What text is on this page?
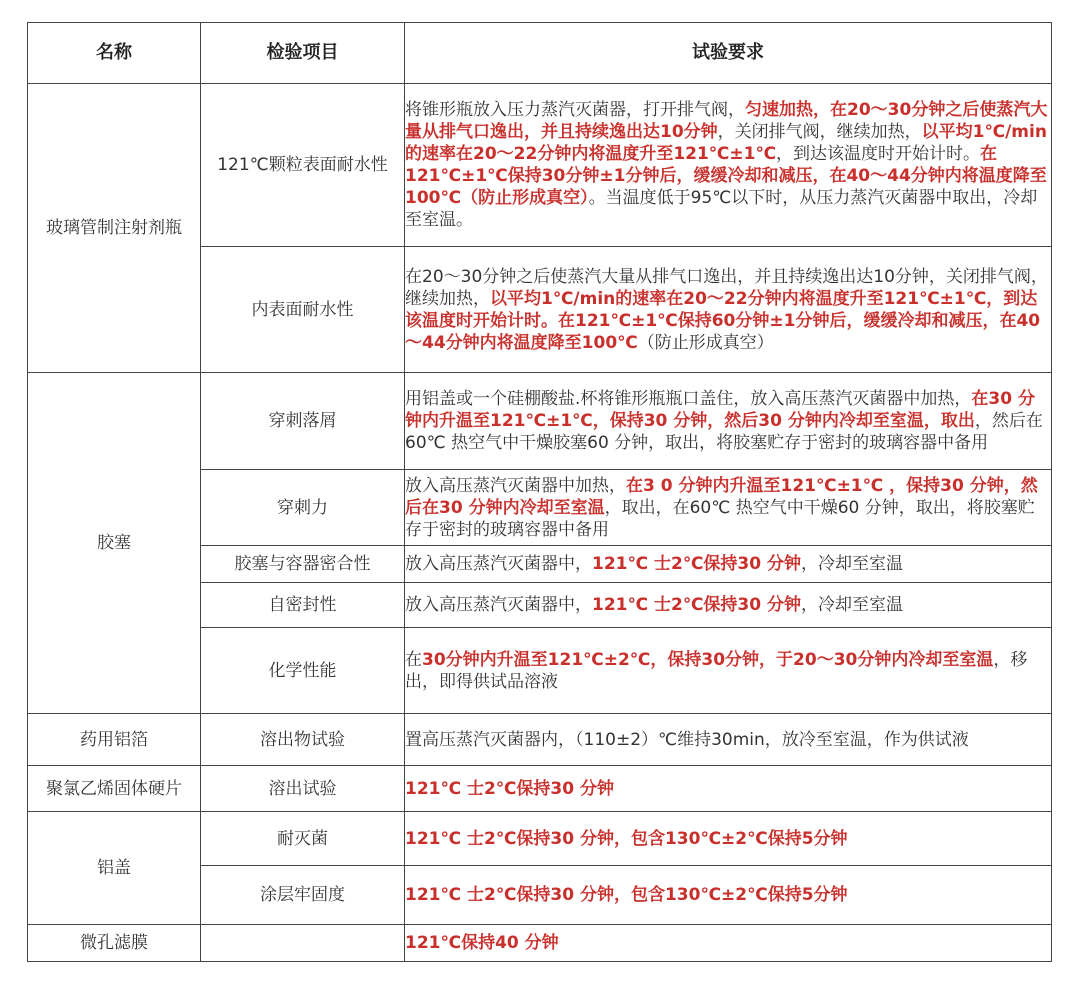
名称	检验项目	试验要求
玻璃管制注射剂瓶	121℃颗粒表面耐水性	将锥形瓶放入压力蒸汽灭菌器，打开排气阀，匀速加热，在20～30分钟之后使蒸汽大量从排气口逸出，并且持续逸出达10分钟，关闭排气阀，继续加热，以平均1℃/min的速率在20～22分钟内将温度升至121℃±1℃，到达该温度时开始计时。在121℃±1℃保持30分钟±1分钟后，缓缓冷却和减压，在40～44分钟内将温度降至100℃（防止形成真空）。当温度低于95℃以下时，从压力蒸汽灭菌器中取出，冷却至室温。
	内表面耐水性	在20～30分钟之后使蒸汽大量从排气口逸出，并且持续逸出达10分钟，关闭排气阀，继续加热，以平均1℃/min的速率在20～22分钟内将温度升至121℃±1℃，到达该温度时开始计时。在121℃±1℃保持60分钟±1分钟后，缓缓冷却和减压，在40～44分钟内将温度降至100℃（防止形成真空）
胶塞	穿刺落屑	用铝盖或一个硅棚酸盐.杯将锥形瓶瓶口盖住，放入高压蒸汽灭菌器中加热，在30 分钟内升温至121℃±1℃，保持30 分钟，然后30 分钟内冷却至室温，取出，然后在60℃ 热空气中干燥胶塞60 分钟，取出，将胶塞贮存于密封的玻璃容器中备用
	穿刺力	放入高压蒸汽灭菌器中加热，在3 0 分钟内升温至121℃±1℃ ，保持30 分钟，然后在30 分钟内冷却至室温，取出，在60℃ 热空气中干燥60 分钟，取出，将胶塞贮存于密封的玻璃容器中备用
	胶塞与容器密合性	放入高压蒸汽灭菌器中，121℃ 士2℃保持30 分钟，冷却至室温
	自密封性	放入高压蒸汽灭菌器中，121℃ 士2℃保持30 分钟，冷却至室温
	化学性能	在30分钟内升温至121℃±2℃，保持30分钟，于20～30分钟内冷却至室温，移出，即得供试品溶液
药用铝箔	溶出物试验	置高压蒸汽灭菌器内，（110±2）℃维持30min，放冷至室温，作为供试液
聚氯乙烯固体硬片	溶出试验	121℃ 士2℃保持30 分钟
铝盖	耐灭菌	121℃ 士2℃保持30 分钟，包含130℃±2℃保持5分钟
	涂层牢固度	121℃ 士2℃保持30 分钟，包含130℃±2℃保持5分钟
微孔滤膜		121℃保持40 分钟
